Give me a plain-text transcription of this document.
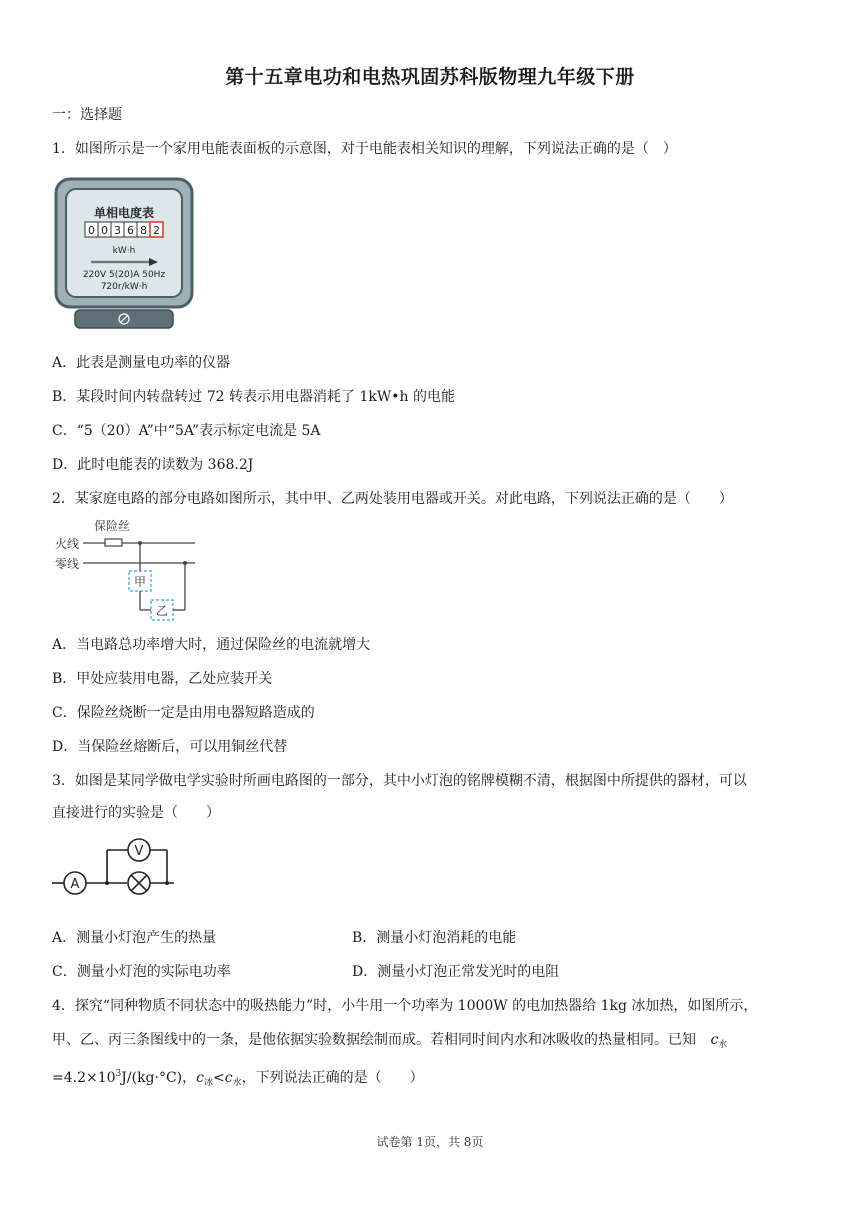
第十五章电功和电热巩固苏科版物理九年级下册
一：选择题
1．如图所示是一个家用电能表面板的示意图，对于电能表相关知识的理解，下列说法正确的是（　）
单相电度表
0 0 3 6 8 2
kW·h
220V 5(20)A 50Hz
720r/kW·h
A．此表是测量电功率的仪器
B．某段时间内转盘转过 72 转表示用电器消耗了 1kW•h 的电能
C．“5（20）A”中“5A”表示标定电流是 5A
D．此时电能表的读数为 368.2J
2．某家庭电路的部分电路如图所示，其中甲、乙两处装用电器或开关。对此电路，下列说法正确的是（　　）
保险丝
火线
零线
甲
乙
A．当电路总功率增大时，通过保险丝的电流就增大
B．甲处应装用电器，乙处应装开关
C．保险丝烧断一定是由用电器短路造成的
D．当保险丝熔断后，可以用铜丝代替
3．如图是某同学做电学实验时所画电路图的一部分，其中小灯泡的铭牌模糊不清，根据图中所提供的器材，可以
直接进行的实验是（　　）
A
V
A．测量小灯泡产生的热量	B．测量小灯泡消耗的电能
C．测量小灯泡的实际电功率	D．测量小灯泡正常发光时的电阻
4．探究“同种物质不同状态中的吸热能力”时，小牛用一个功率为 1000W 的电加热器给 1kg 冰加热，如图所示，
甲、乙、丙三条图线中的一条，是他依据实验数据绘制而成。若相同时间内水和冰吸收的热量相同。已知 $c_水$
$=4.2\times 10^3J/(kg\cdot^\circ C)$，$c_冰<c_水$，下列说法正确的是（　　）
试卷第 1页，共 8页
